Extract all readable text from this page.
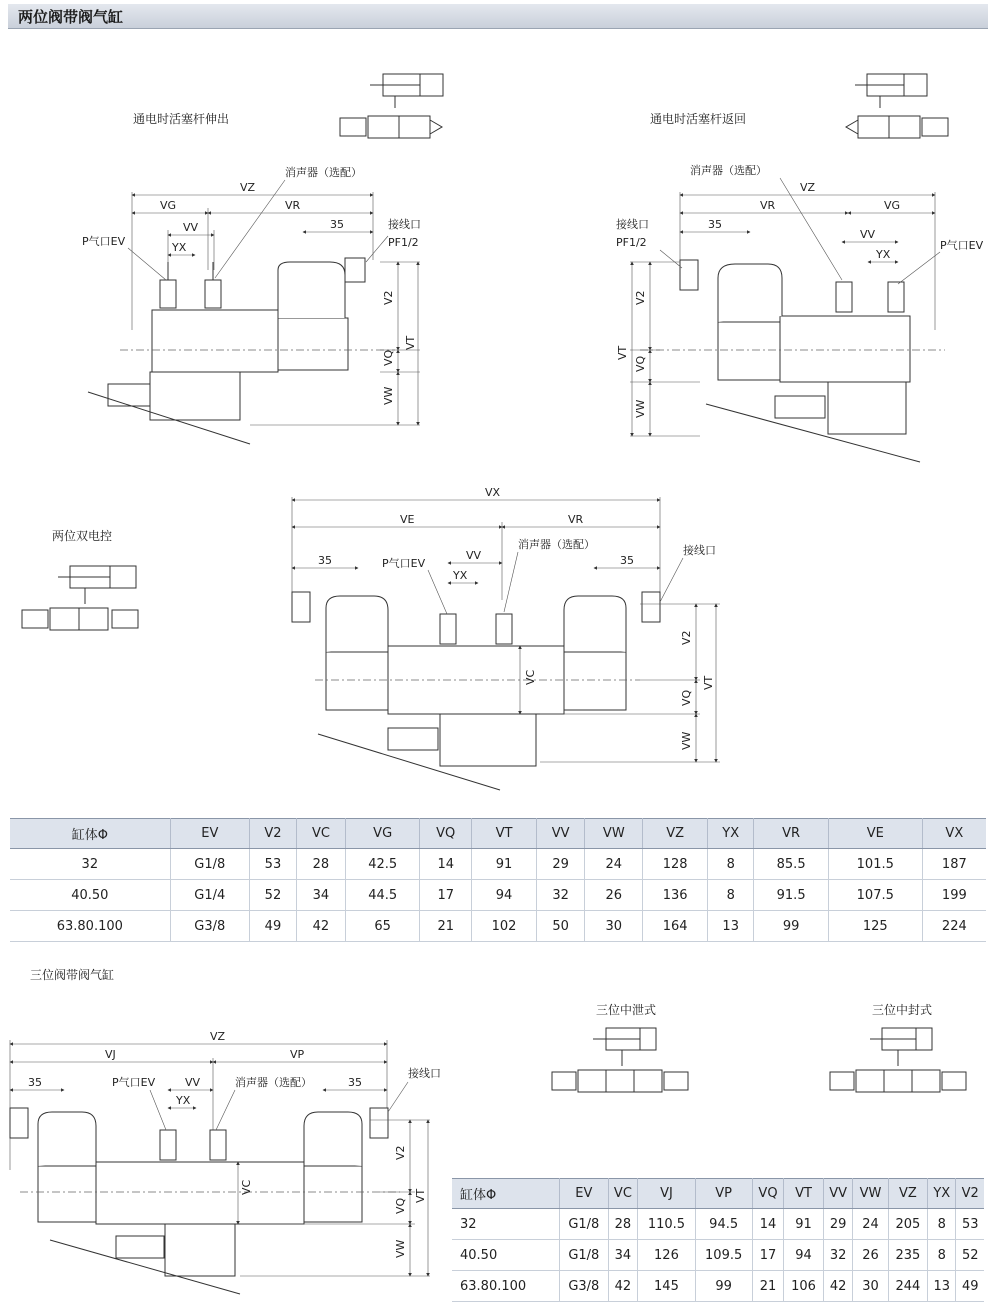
两位阀带阀气缸
通电时活塞杆伸出	通电时活塞杆返回
两位双电控
三位阀带阀气缸
三位中泄式	三位中封式
VZ
VG	VR
VV
YX
35
V2
VQ
VW
VT
P气口EV
消声器（选配）
接线口
PF1/2
VZ
VR	VG
35
VV
YX
V2
VQ
VW
VT
消声器（选配）
接线口
PF1/2	P气口EV
VX
VE	VR
35	35
VV
YX
VC
V2
VQ
VW
VT
P气口EV
消声器（选配）	接线口
VZ
VJ	VP
35	35
VV
YX
VC
V2
VQ
VW
VT
P气口EV	消声器（选配）
接线口
缸体Φ	EV	V2	VC	VG	VQ	VT	VV	VW	VZ	YX	VR	VE	VX
32	G1/8	53	28	42.5	14	91	29	24	128	8	85.5	101.5	187
40.50	G1/4	52	34	44.5	17	94	32	26	136	8	91.5	107.5	199
63.80.100	G3/8	49	42	65	21	102	50	30	164	13	99	125	224
缸体Φ	EV	VC	VJ	VP	VQ	VT	VV	VW	VZ	YX	V2
32	G1/8	28	110.5	94.5	14	91	29	24	205	8	53
40.50	G1/8	34	126	109.5	17	94	32	26	235	8	52
63.80.100	G3/8	42	145	99	21	106	42	30	244	13	49
